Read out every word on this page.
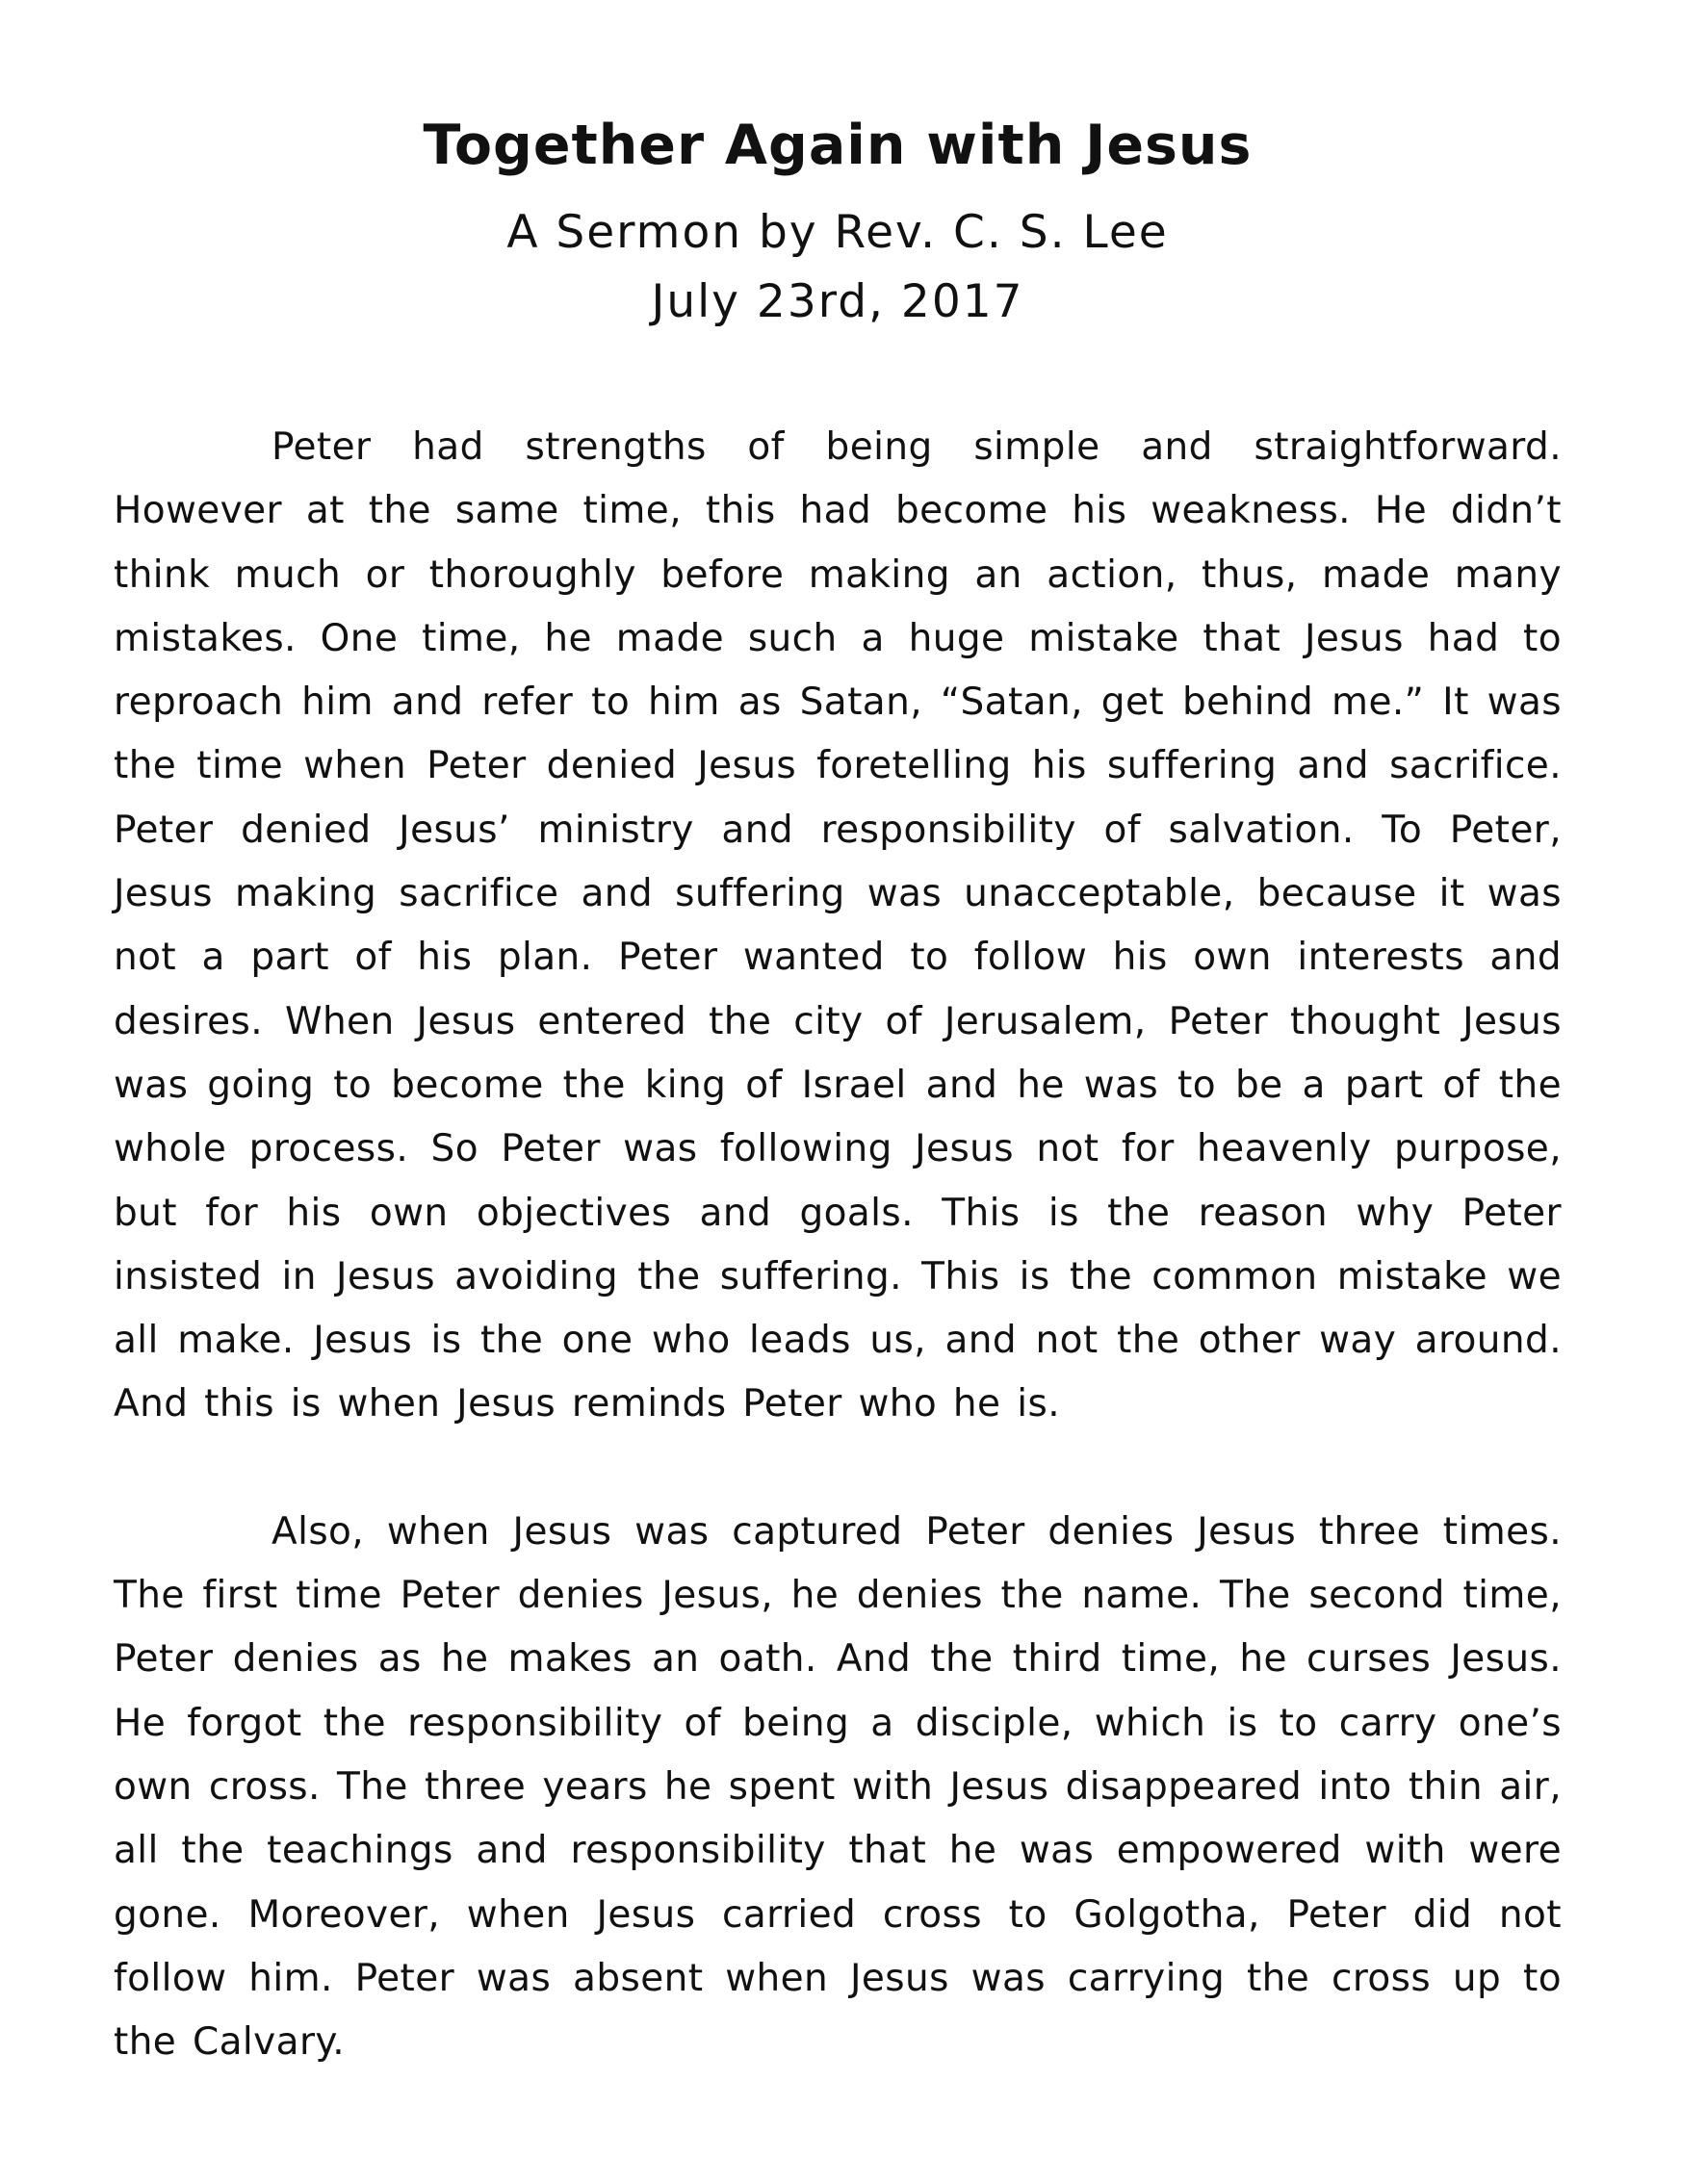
Together Again with Jesus
A Sermon by Rev. C. S. Lee
July 23rd, 2017

Peter had strengths of being simple and straightforward. However at the same time, this had become his weakness. He didn’t think much or thoroughly before making an action, thus, made many mistakes. One time, he made such a huge mistake that Jesus had to reproach him and refer to him as Satan, “Satan, get behind me.” It was the time when Peter denied Jesus foretelling his suffering and sacrifice. Peter denied Jesus’ ministry and responsibility of salvation. To Peter, Jesus making sacrifice and suffering was unacceptable, because it was not a part of his plan. Peter wanted to follow his own interests and desires. When Jesus entered the city of Jerusalem, Peter thought Jesus was going to become the king of Israel and he was to be a part of the whole process. So Peter was following Jesus not for heavenly purpose, but for his own objectives and goals. This is the reason why Peter insisted in Jesus avoiding the suffering. This is the common mistake we all make. Jesus is the one who leads us, and not the other way around. And this is when Jesus reminds Peter who he is.

Also, when Jesus was captured Peter denies Jesus three times. The first time Peter denies Jesus, he denies the name. The second time, Peter denies as he makes an oath. And the third time, he curses Jesus. He forgot the responsibility of being a disciple, which is to carry one’s own cross. The three years he spent with Jesus disappeared into thin air, all the teachings and responsibility that he was empowered with were gone. Moreover, when Jesus carried cross to Golgotha, Peter did not follow him. Peter was absent when Jesus was carrying the cross up to the Calvary.
